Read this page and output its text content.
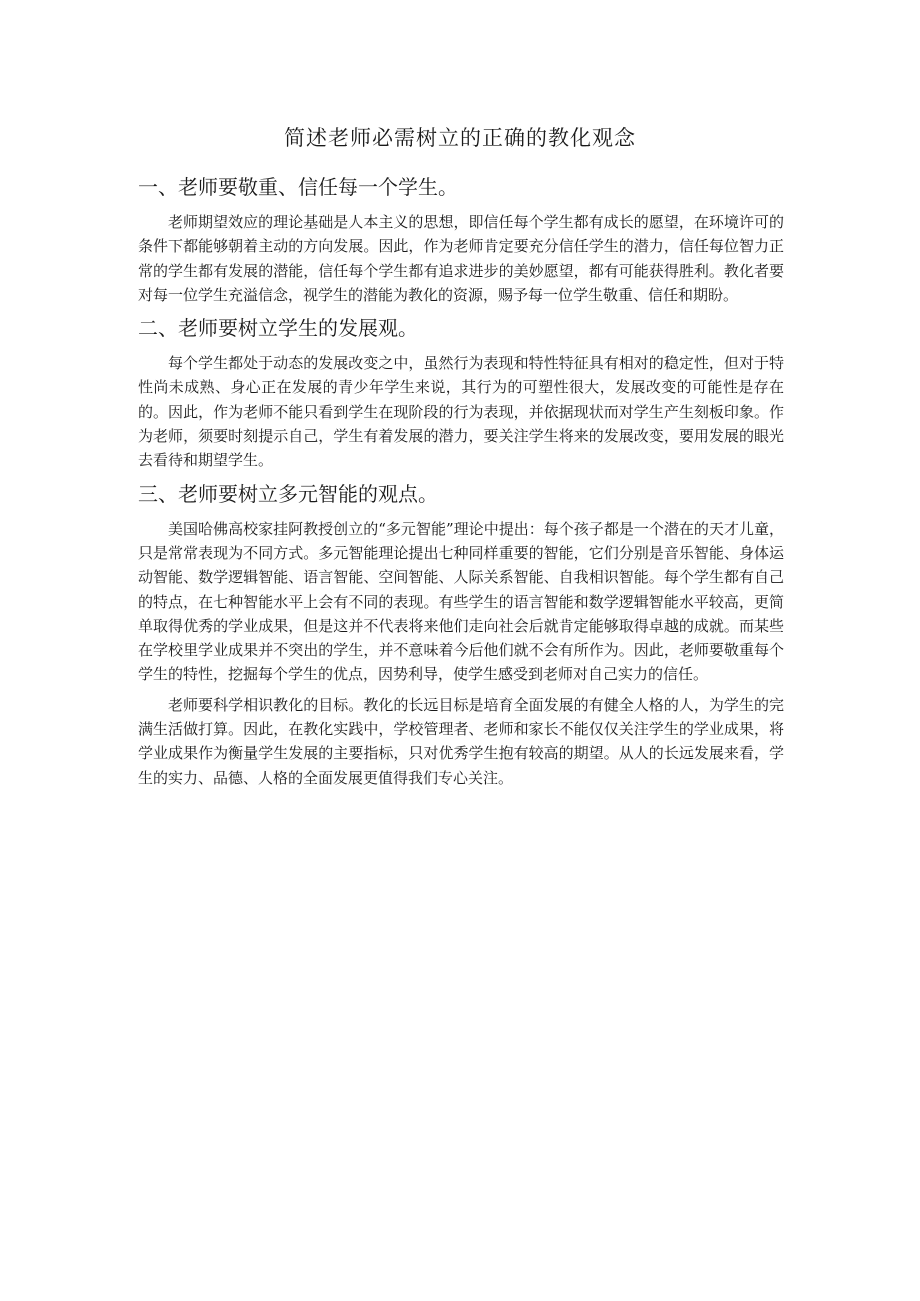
简述老师必需树立的正确的教化观念
一、老师要敬重、信任每一个学生。

老师期望效应的理论基础是人本主义的思想，即信任每个学生都有成长的愿望，在环境许可的条件下都能够朝着主动的方向发展。因此，作为老师肯定要充分信任学生的潜力，信任每位智力正常的学生都有发展的潜能，信任每个学生都有追求进步的美妙愿望，都有可能获得胜利。教化者要对每一位学生充溢信念，视学生的潜能为教化的资源，赐予每一位学生敬重、信任和期盼。

二、老师要树立学生的发展观。

每个学生都处于动态的发展改变之中，虽然行为表现和特性特征具有相对的稳定性，但对于特性尚未成熟、身心正在发展的青少年学生来说，其行为的可塑性很大，发展改变的可能性是存在的。因此，作为老师不能只看到学生在现阶段的行为表现，并依据现状而对学生产生刻板印象。作为老师，须要时刻提示自己，学生有着发展的潜力，要关注学生将来的发展改变，要用发展的眼光去看待和期望学生。

三、老师要树立多元智能的观点。

美国哈佛高校家挂阿教授创立的“多元智能”理论中提出：每个孩子都是一个潜在的天才儿童，只是常常表现为不同方式。多元智能理论提出七种同样重要的智能，它们分别是音乐智能、身体运动智能、数学逻辑智能、语言智能、空间智能、人际关系智能、自我相识智能。每个学生都有自己的特点，在七种智能水平上会有不同的表现。有些学生的语言智能和数学逻辑智能水平较高，更简单取得优秀的学业成果，但是这并不代表将来他们走向社会后就肯定能够取得卓越的成就。而某些在学校里学业成果并不突出的学生，并不意味着今后他们就不会有所作为。因此，老师要敬重每个学生的特性，挖掘每个学生的优点，因势利导，使学生感受到老师对自己实力的信任。

老师要科学相识教化的目标。教化的长远目标是培育全面发展的有健全人格的人，为学生的完满生活做打算。因此，在教化实践中，学校管理者、老师和家长不能仅仅关注学生的学业成果，将学业成果作为衡量学生发展的主要指标，只对优秀学生抱有较高的期望。从人的长远发展来看，学生的实力、品德、人格的全面发展更值得我们专心关注。
